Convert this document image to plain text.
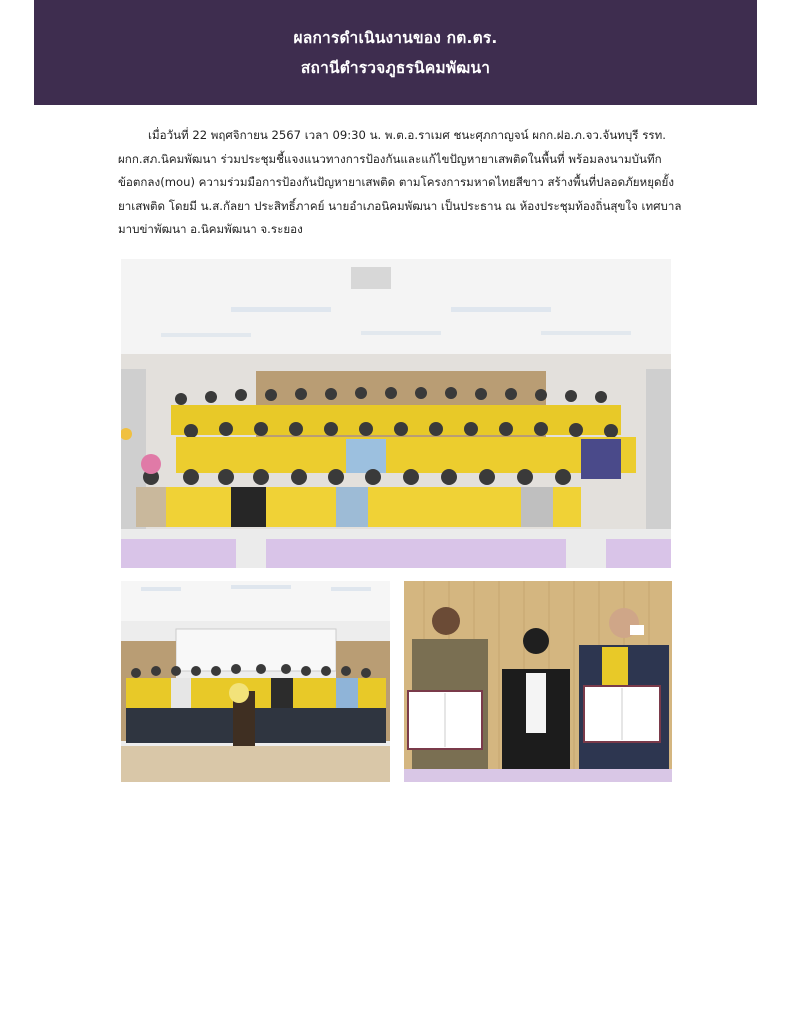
ผลการดำเนินงานของ กต.ตร.
สถานีตำรวจภูธรนิคมพัฒนา

เมื่อวันที่ 22 พฤศจิกายน 2567 เวลา 09:30 น. พ.ต.อ.ราเมศ ชนะศุภกาญจน์ ผกก.ฝอ.ภ.จว.จันทบุรี รรท.

ผกก.สภ.นิคมพัฒนา ร่วมประชุมชี้แจงแนวทางการป้องกันและแก้ไขปัญหายาเสพติดในพื้นที่ พร้อมลงนามบันทึก

ข้อตกลง(mou) ความร่วมมือการป้องกันปัญหายาเสพติด ตามโครงการมหาดไทยสีขาว สร้างพื้นที่ปลอดภัยหยุดยั้ง

ยาเสพติด โดยมี น.ส.กัลยา ประสิทธิ์ภาคย์ นายอำเภอนิคมพัฒนา เป็นประธาน ณ ห้องประชุมท้องถิ่นสุขใจ เทศบาล

มาบข่าพัฒนา อ.นิคมพัฒนา จ.ระยอง
